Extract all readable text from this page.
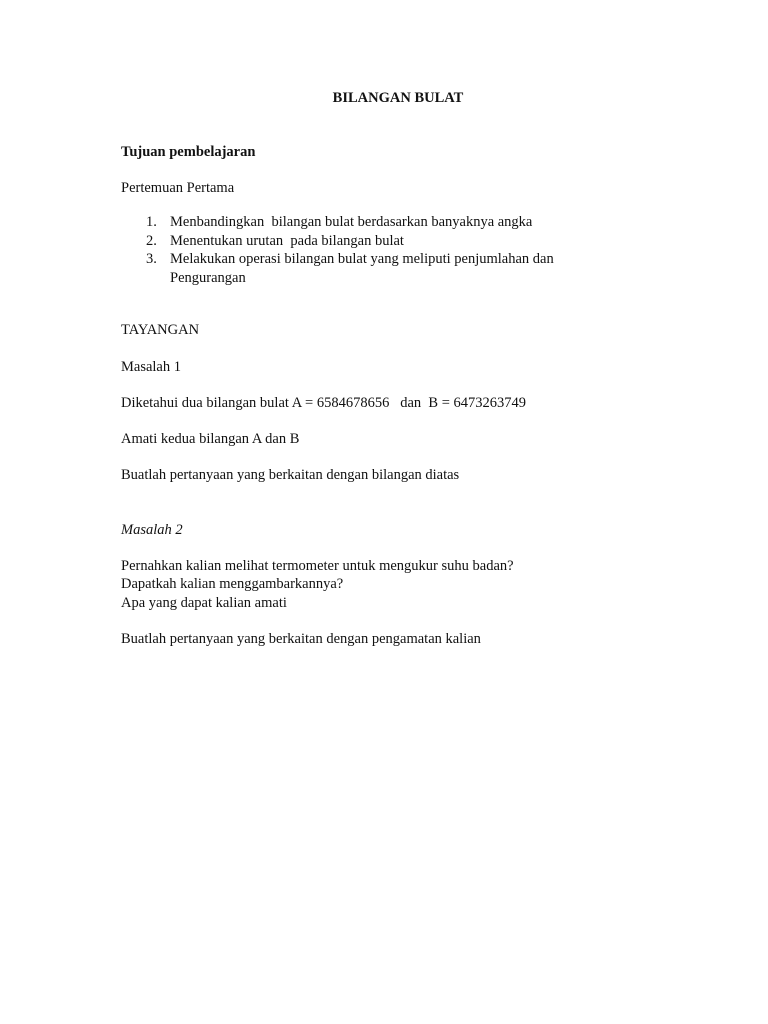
BILANGAN BULAT
Tujuan pembelajaran
Pertemuan Pertama
1. Menbandingkan  bilangan bulat berdasarkan banyaknya angka
2. Menentukan urutan  pada bilangan bulat
3. Melakukan operasi bilangan bulat yang meliputi penjumlahan dan
Pengurangan
TAYANGAN
Masalah 1
Diketahui dua bilangan bulat A = 6584678656   dan  B = 6473263749
Amati kedua bilangan A dan B
Buatlah pertanyaan yang berkaitan dengan bilangan diatas
Masalah 2
Pernahkan kalian melihat termometer untuk mengukur suhu badan?
Dapatkah kalian menggambarkannya?
Apa yang dapat kalian amati
Buatlah pertanyaan yang berkaitan dengan pengamatan kalian
